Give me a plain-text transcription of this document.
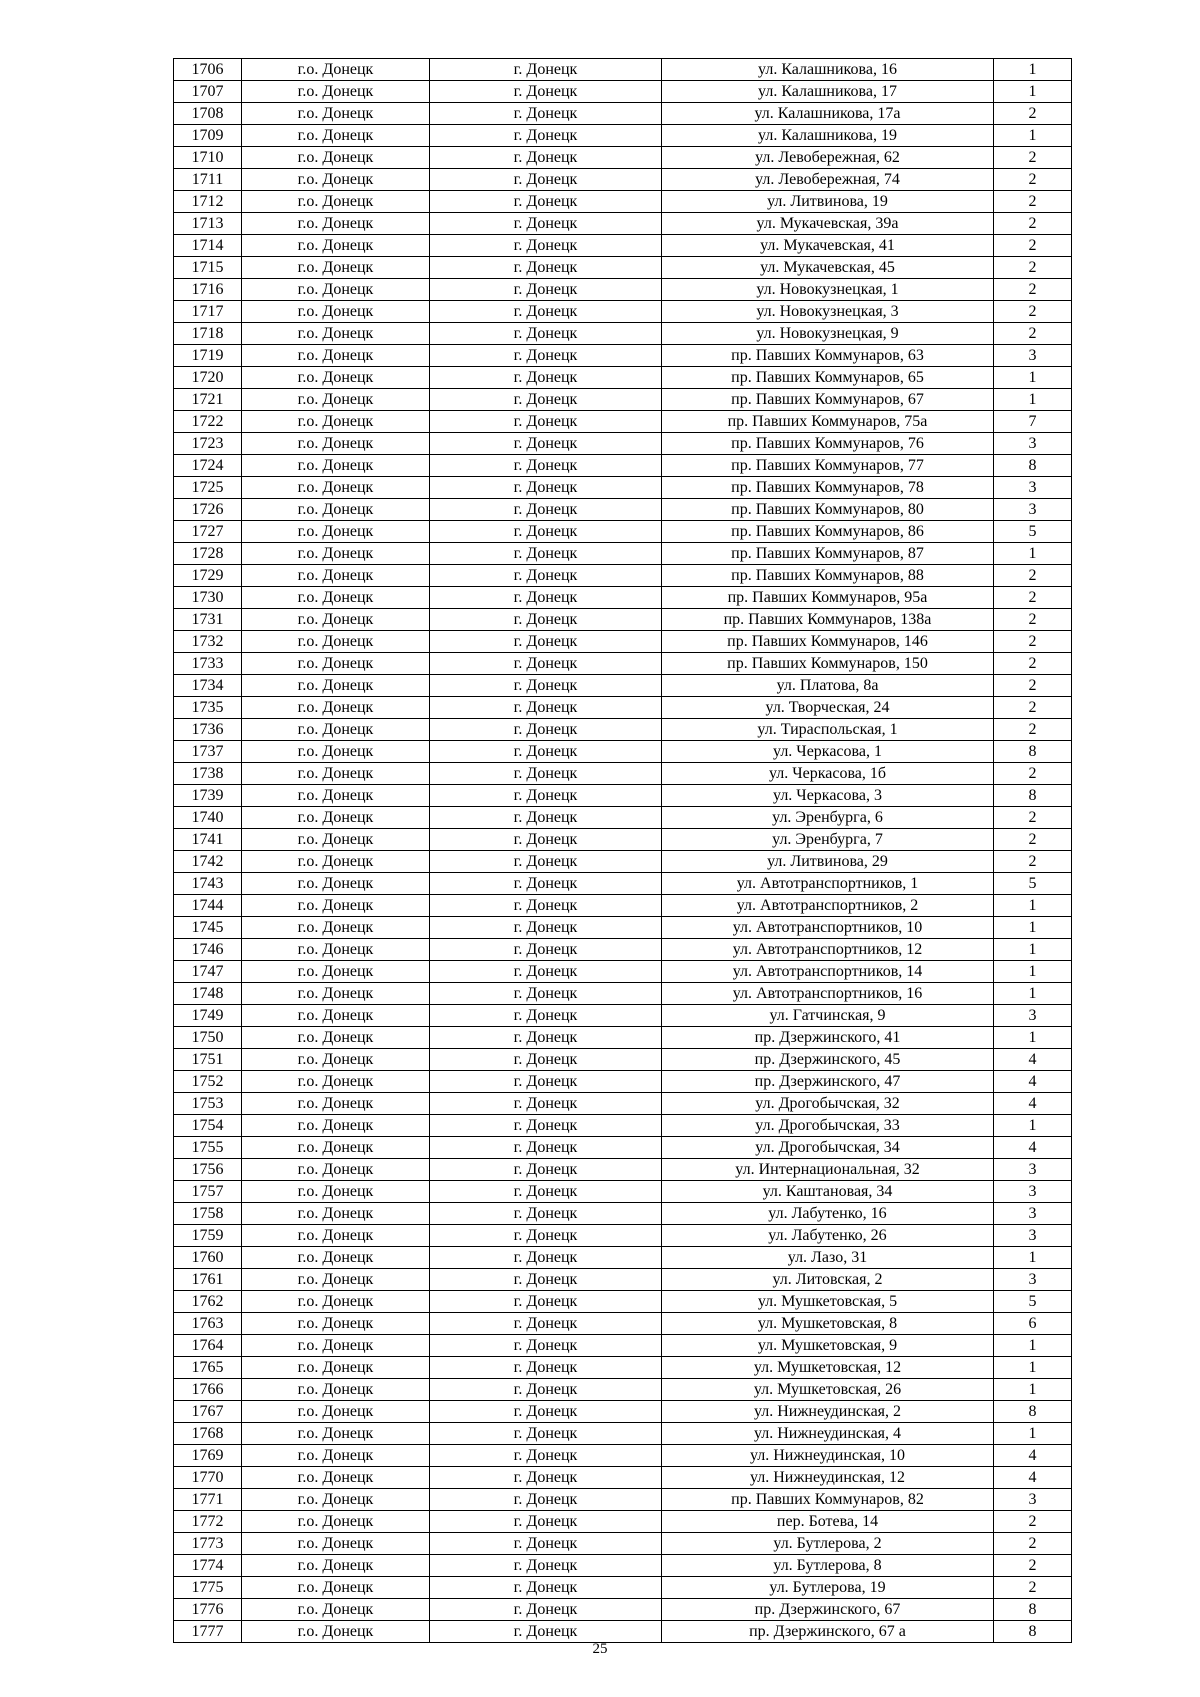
1706	г.о. Донецк	г. Донецк	ул. Калашникова, 16	1
1707	г.о. Донецк	г. Донецк	ул. Калашникова, 17	1
1708	г.о. Донецк	г. Донецк	ул. Калашникова, 17а	2
1709	г.о. Донецк	г. Донецк	ул. Калашникова, 19	1
1710	г.о. Донецк	г. Донецк	ул. Левобережная, 62	2
1711	г.о. Донецк	г. Донецк	ул. Левобережная, 74	2
1712	г.о. Донецк	г. Донецк	ул. Литвинова, 19	2
1713	г.о. Донецк	г. Донецк	ул. Мукачевская, 39а	2
1714	г.о. Донецк	г. Донецк	ул. Мукачевская, 41	2
1715	г.о. Донецк	г. Донецк	ул. Мукачевская, 45	2
1716	г.о. Донецк	г. Донецк	ул. Новокузнецкая, 1	2
1717	г.о. Донецк	г. Донецк	ул. Новокузнецкая, 3	2
1718	г.о. Донецк	г. Донецк	ул. Новокузнецкая, 9	2
1719	г.о. Донецк	г. Донецк	пр. Павших Коммунаров, 63	3
1720	г.о. Донецк	г. Донецк	пр. Павших Коммунаров, 65	1
1721	г.о. Донецк	г. Донецк	пр. Павших Коммунаров, 67	1
1722	г.о. Донецк	г. Донецк	пр. Павших Коммунаров, 75а	7
1723	г.о. Донецк	г. Донецк	пр. Павших Коммунаров, 76	3
1724	г.о. Донецк	г. Донецк	пр. Павших Коммунаров, 77	8
1725	г.о. Донецк	г. Донецк	пр. Павших Коммунаров, 78	3
1726	г.о. Донецк	г. Донецк	пр. Павших Коммунаров, 80	3
1727	г.о. Донецк	г. Донецк	пр. Павших Коммунаров, 86	5
1728	г.о. Донецк	г. Донецк	пр. Павших Коммунаров, 87	1
1729	г.о. Донецк	г. Донецк	пр. Павших Коммунаров, 88	2
1730	г.о. Донецк	г. Донецк	пр. Павших Коммунаров, 95а	2
1731	г.о. Донецк	г. Донецк	пр. Павших Коммунаров, 138а	2
1732	г.о. Донецк	г. Донецк	пр. Павших Коммунаров, 146	2
1733	г.о. Донецк	г. Донецк	пр. Павших Коммунаров, 150	2
1734	г.о. Донецк	г. Донецк	ул. Платова, 8а	2
1735	г.о. Донецк	г. Донецк	ул. Творческая, 24	2
1736	г.о. Донецк	г. Донецк	ул. Тираспольская, 1	2
1737	г.о. Донецк	г. Донецк	ул. Черкасова, 1	8
1738	г.о. Донецк	г. Донецк	ул. Черкасова, 1б	2
1739	г.о. Донецк	г. Донецк	ул. Черкасова, 3	8
1740	г.о. Донецк	г. Донецк	ул. Эренбурга, 6	2
1741	г.о. Донецк	г. Донецк	ул. Эренбурга, 7	2
1742	г.о. Донецк	г. Донецк	ул. Литвинова, 29	2
1743	г.о. Донецк	г. Донецк	ул. Автотранспортников, 1	5
1744	г.о. Донецк	г. Донецк	ул. Автотранспортников, 2	1
1745	г.о. Донецк	г. Донецк	ул. Автотранспортников, 10	1
1746	г.о. Донецк	г. Донецк	ул. Автотранспортников, 12	1
1747	г.о. Донецк	г. Донецк	ул. Автотранспортников, 14	1
1748	г.о. Донецк	г. Донецк	ул. Автотранспортников, 16	1
1749	г.о. Донецк	г. Донецк	ул. Гатчинская, 9	3
1750	г.о. Донецк	г. Донецк	пр. Дзержинского, 41	1
1751	г.о. Донецк	г. Донецк	пр. Дзержинского, 45	4
1752	г.о. Донецк	г. Донецк	пр. Дзержинского, 47	4
1753	г.о. Донецк	г. Донецк	ул. Дрогобычская, 32	4
1754	г.о. Донецк	г. Донецк	ул. Дрогобычская, 33	1
1755	г.о. Донецк	г. Донецк	ул. Дрогобычская, 34	4
1756	г.о. Донецк	г. Донецк	ул. Интернациональная, 32	3
1757	г.о. Донецк	г. Донецк	ул. Каштановая, 34	3
1758	г.о. Донецк	г. Донецк	ул. Лабутенко, 16	3
1759	г.о. Донецк	г. Донецк	ул. Лабутенко, 26	3
1760	г.о. Донецк	г. Донецк	ул. Лазо, 31	1
1761	г.о. Донецк	г. Донецк	ул. Литовская, 2	3
1762	г.о. Донецк	г. Донецк	ул. Мушкетовская, 5	5
1763	г.о. Донецк	г. Донецк	ул. Мушкетовская, 8	6
1764	г.о. Донецк	г. Донецк	ул. Мушкетовская, 9	1
1765	г.о. Донецк	г. Донецк	ул. Мушкетовская, 12	1
1766	г.о. Донецк	г. Донецк	ул. Мушкетовская, 26	1
1767	г.о. Донецк	г. Донецк	ул. Нижнеудинская, 2	8
1768	г.о. Донецк	г. Донецк	ул. Нижнеудинская, 4	1
1769	г.о. Донецк	г. Донецк	ул. Нижнеудинская, 10	4
1770	г.о. Донецк	г. Донецк	ул. Нижнеудинская, 12	4
1771	г.о. Донецк	г. Донецк	пр. Павших Коммунаров, 82	3
1772	г.о. Донецк	г. Донецк	пер. Ботева, 14	2
1773	г.о. Донецк	г. Донецк	ул. Бутлерова, 2	2
1774	г.о. Донецк	г. Донецк	ул. Бутлерова, 8	2
1775	г.о. Донецк	г. Донецк	ул. Бутлерова, 19	2
1776	г.о. Донецк	г. Донецк	пр. Дзержинского, 67	8
1777	г.о. Донецк	г. Донецк	пр. Дзержинского, 67 а	8
25
